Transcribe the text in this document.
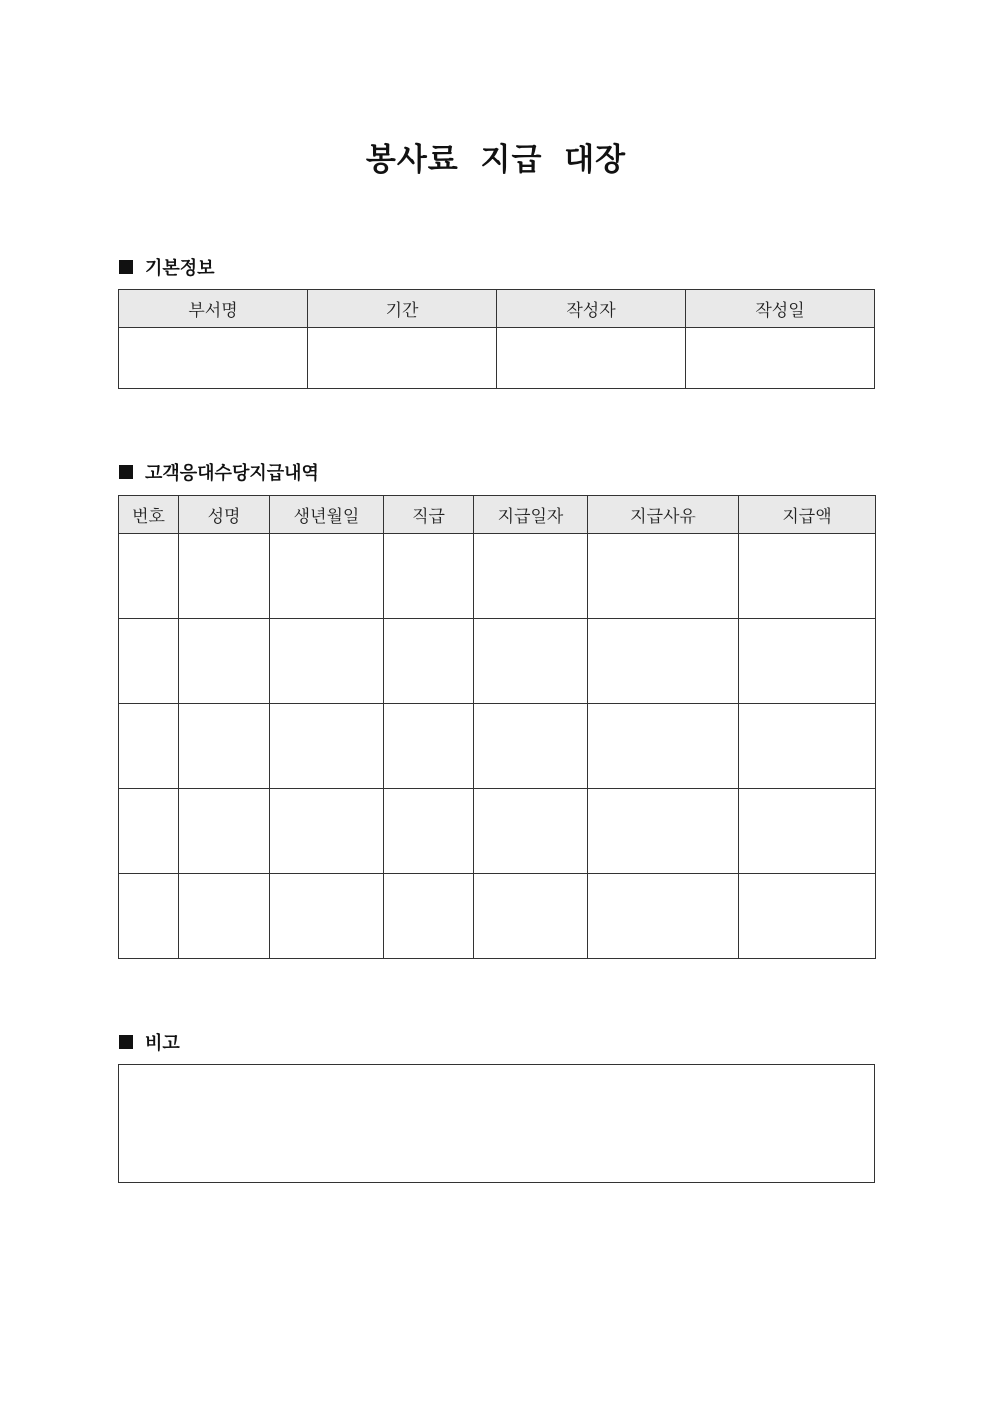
봉사료 지급 대장
기본정보
부서명	기간	작성자	작성일

고객응대수당지급내역
번호	성명	생년월일	직급	지급일자	지급사유	지급액

비고
